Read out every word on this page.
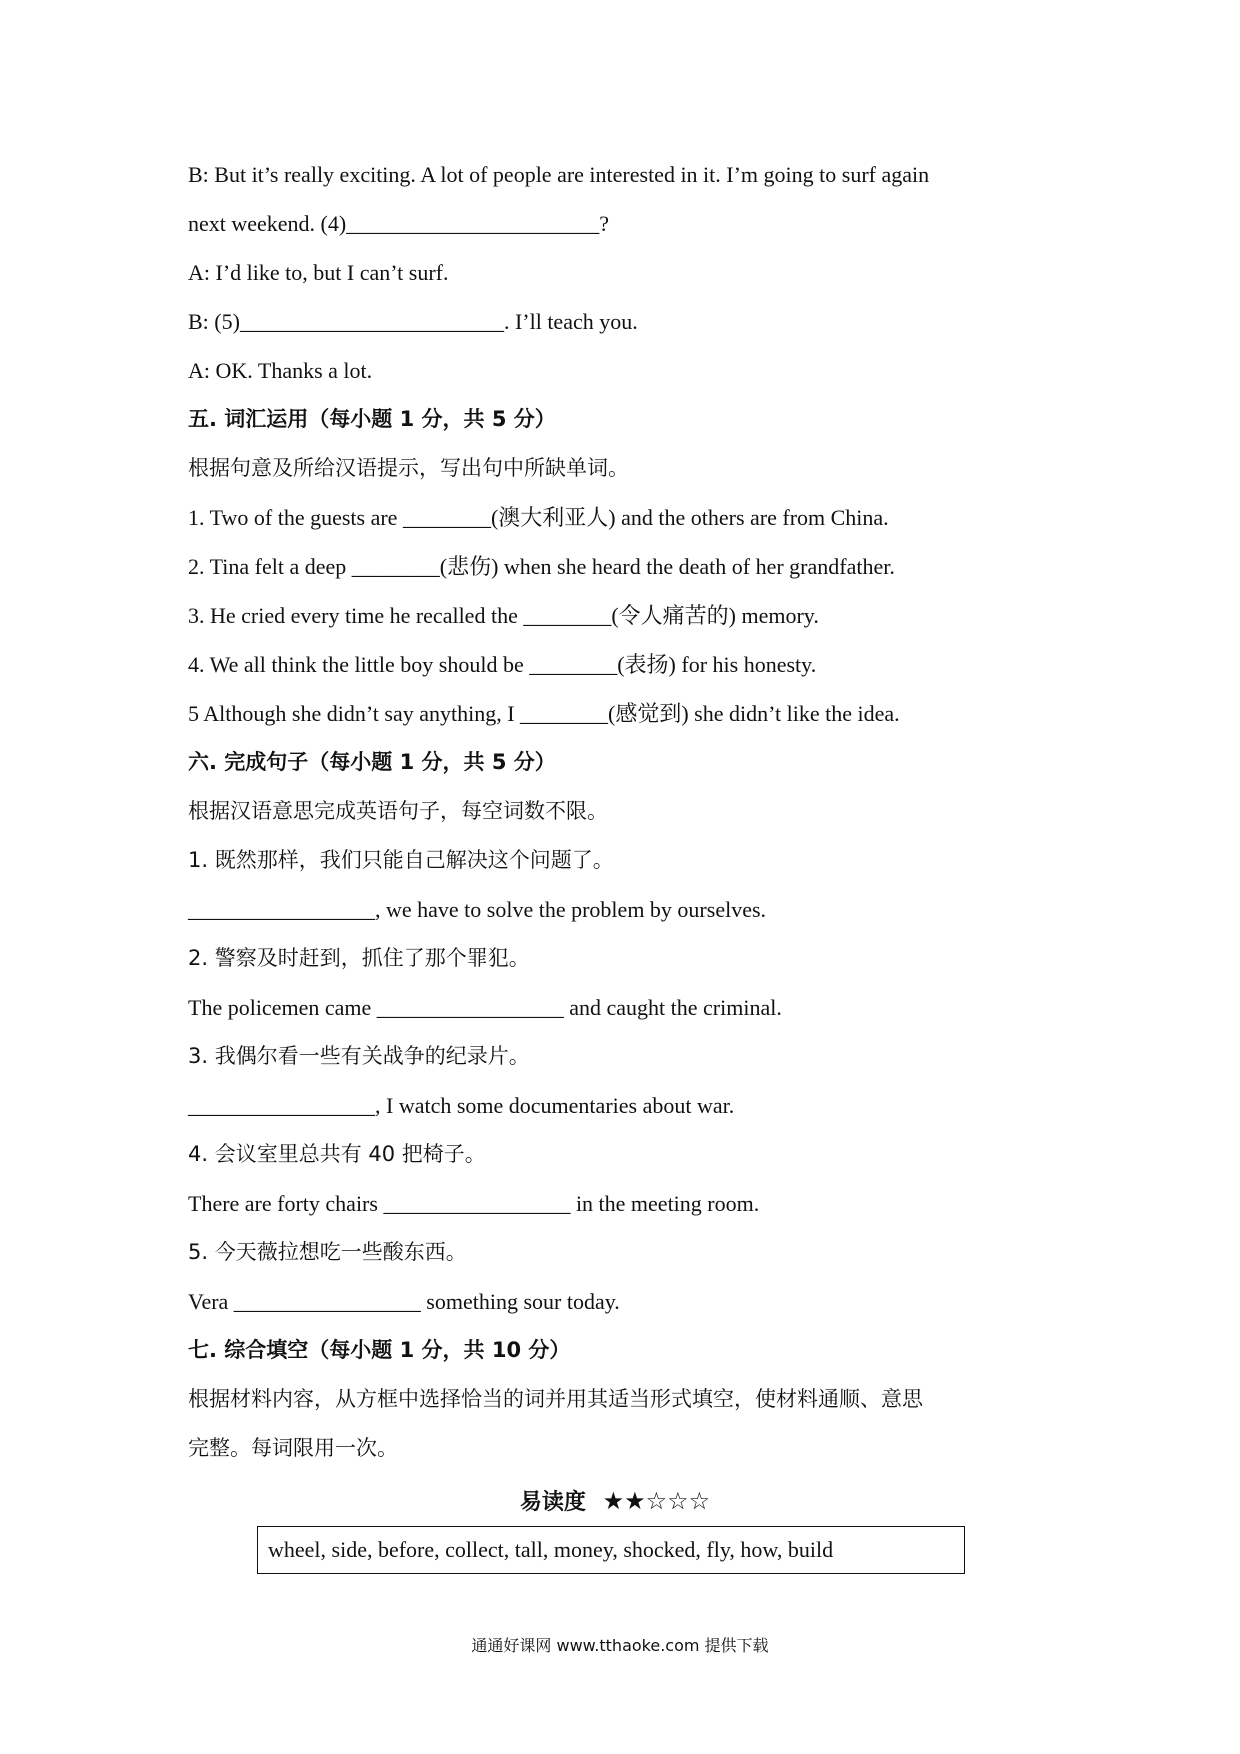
B: But it’s really exciting. A lot of people are interested in it. I’m going to surf again
next weekend. (4)_______________________?
A: I’d like to, but I can’t surf.
B: (5)________________________. I’ll teach you.
A: OK. Thanks a lot.
五. 词汇运用（每小题 1 分，共 5 分）
根据句意及所给汉语提示，写出句中所缺单词。
1. Two of the guests are ________(澳大利亚人) and the others are from China.
2. Tina felt a deep ________(悲伤) when she heard the death of her grandfather.
3. He cried every time he recalled the ________(令人痛苦的) memory.
4. We all think the little boy should be ________(表扬) for his honesty.
5 Although she didn’t say anything, I ________(感觉到) she didn’t like the idea.
六. 完成句子（每小题 1 分，共 5 分）
根据汉语意思完成英语句子，每空词数不限。
1. 既然那样，我们只能自己解决这个问题了。
_________________, we have to solve the problem by ourselves.
2. 警察及时赶到，抓住了那个罪犯。
The policemen came _________________ and caught the criminal.
3. 我偶尔看一些有关战争的纪录片。
_________________, I watch some documentaries about war.
4. 会议室里总共有 40 把椅子。
There are forty chairs _________________ in the meeting room.
5. 今天薇拉想吃一些酸东西。
Vera _________________ something sour today.
七. 综合填空（每小题 1 分，共 10 分）
根据材料内容，从方框中选择恰当的词并用其适当形式填空，使材料通顺、意思
完整。每词限用一次。
易读度 ★★☆☆☆
wheel, side, before, collect, tall, money, shocked, fly, how, build
通通好课网 www.tthaoke.com 提供下载
